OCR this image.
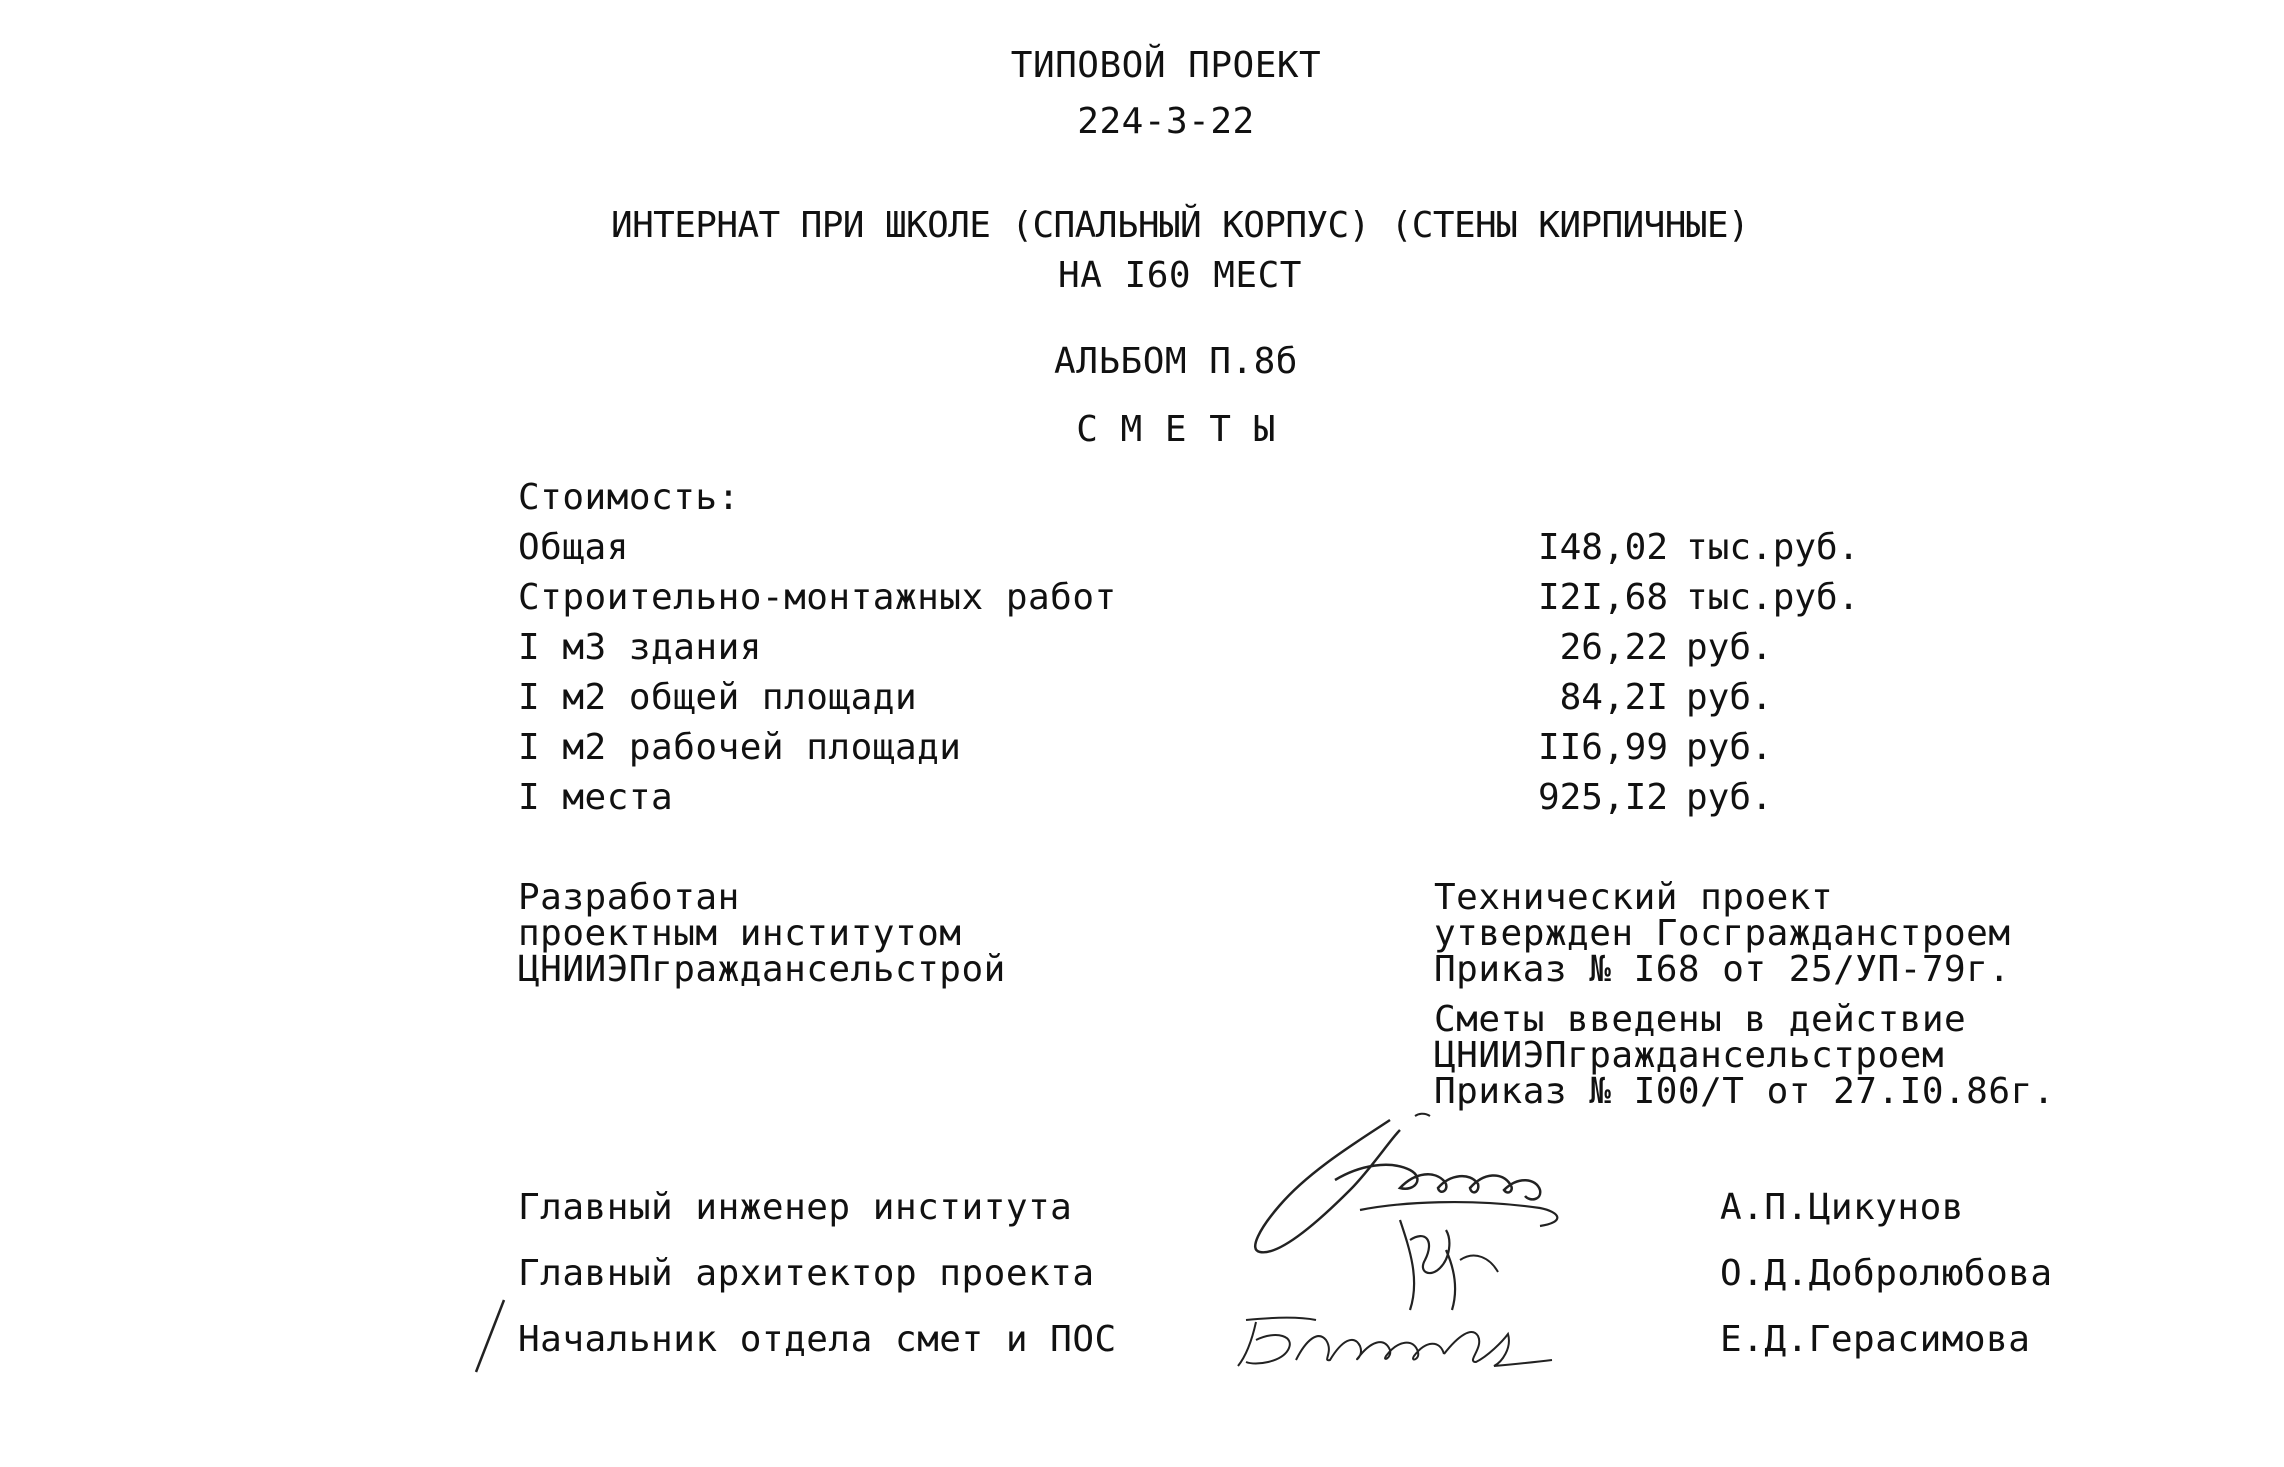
ТИПОВОЙ ПРОЕКТ
224-3-22
ИНТЕРНАТ ПРИ ШКОЛЕ (СПАЛЬНЫЙ КОРПУС) (СТЕНЫ КИРПИЧНЫЕ)
НА I60 МЕСТ
АЛЬБОМ П.8б
С М Е Т Ы
Стоимость:
Общая	I48,02 тыс.руб.
Строительно-монтажных работ	I2I,68 тыс.руб.
I м3 здания	26,22 руб.
I м2 общей площади	84,2I руб.
I м2 рабочей площади	II6,99 руб.
I места	925,I2 руб.
Разработан
проектным институтом
ЦНИИЭПграждансельстрой
Технический проект
утвержден Госгражданстроем
Приказ № I68 от 25/УП-79г.
Сметы введены в действие
ЦНИИЭПграждансельстроем
Приказ № I00/Т от 27.I0.86г.
Главный инженер института	А.П.Цикунов
Главный архитектор проекта	О.Д.Добролюбова
Начальник отдела смет и ПОС	Е.Д.Герасимова
